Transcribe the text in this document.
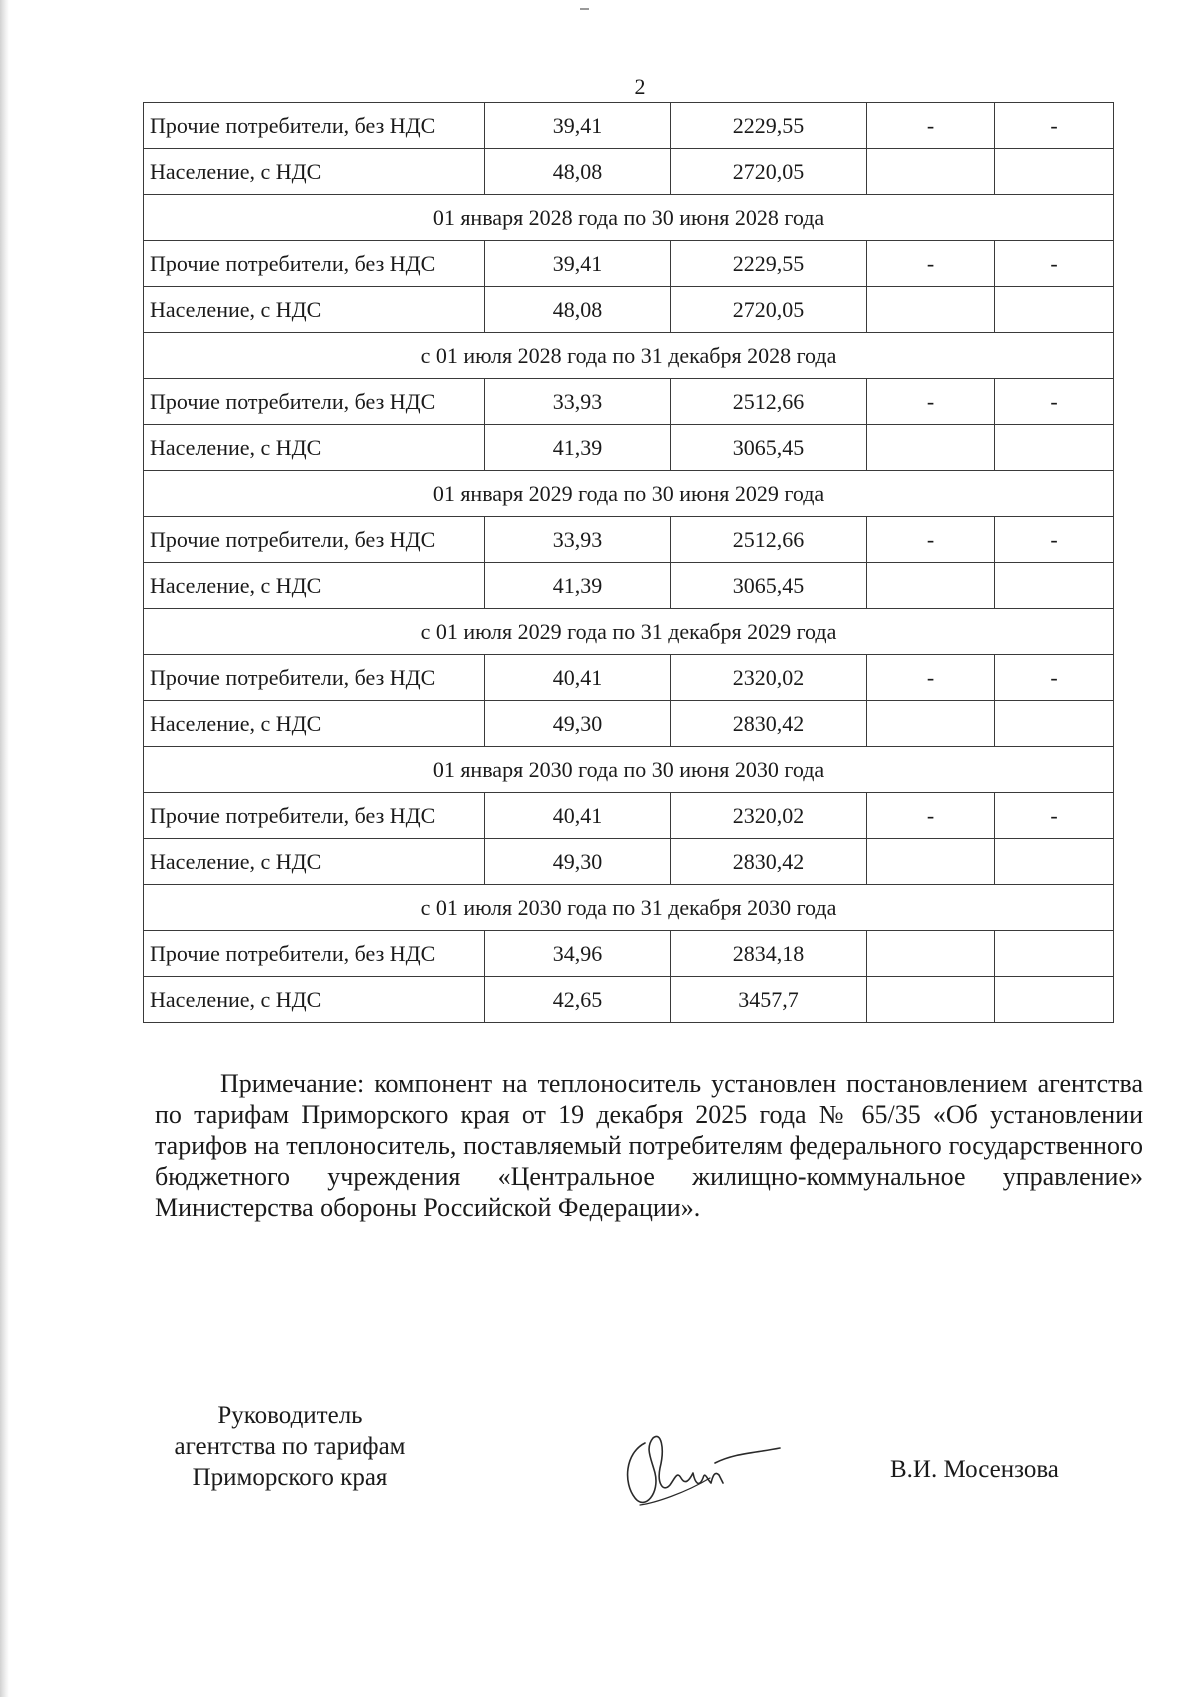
2
Прочие потребители, без НДС	39,41	2229,55	-	-
Население, с НДС	48,08	2720,05		
01 января 2028 года по 30 июня 2028 года				
Прочие потребители, без НДС	39,41	2229,55	-	-
Население, с НДС	48,08	2720,05		
с 01 июля 2028 года по 31 декабря 2028 года				
Прочие потребители, без НДС	33,93	2512,66	-	-
Население, с НДС	41,39	3065,45		
01 января 2029 года по 30 июня 2029 года				
Прочие потребители, без НДС	33,93	2512,66	-	-
Население, с НДС	41,39	3065,45		
с 01 июля 2029 года по 31 декабря 2029 года				
Прочие потребители, без НДС	40,41	2320,02	-	-
Население, с НДС	49,30	2830,42		
01 января 2030 года по 30 июня 2030 года				
Прочие потребители, без НДС	40,41	2320,02	-	-
Население, с НДС	49,30	2830,42		
с 01 июля 2030 года по 31 декабря 2030 года				
Прочие потребители, без НДС	34,96	2834,18		
Население, с НДС	42,65	3457,7		
Примечание: компонент на теплоноситель установлен постановлением агентства по тарифам Приморского края от 19 декабря 2025 года № 65/35 «Об установлении тарифов на теплоноситель, поставляемый потребителям федерального государственного бюджетного учреждения «Центральное жилищно-коммунальное управление» Министерства обороны Российской Федерации».
Руководитель
агентства по тарифам
Приморского края	В.И. Мосензова
